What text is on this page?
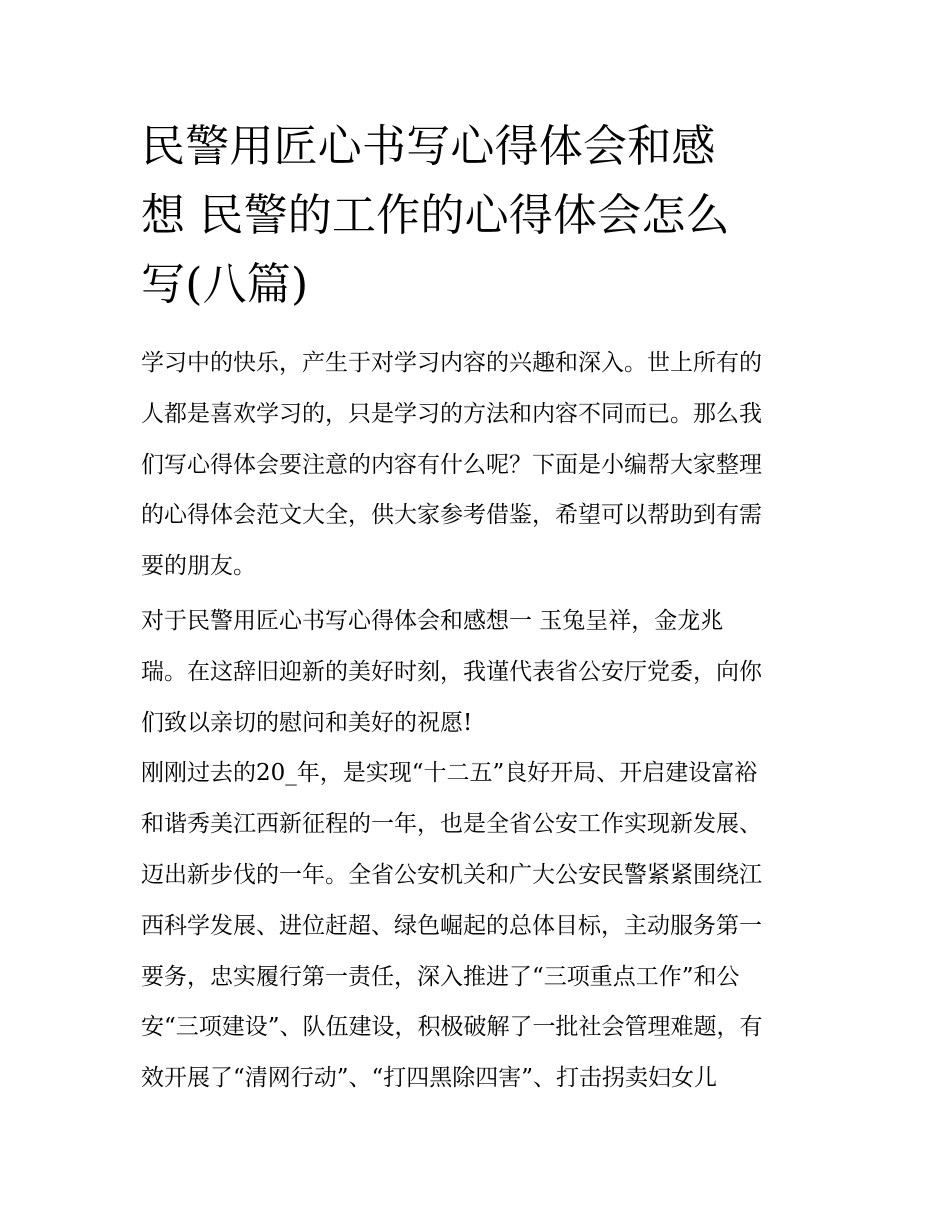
民警用匠心书写心得体会和感
想 民警的工作的心得体会怎么
写(八篇)

学习中的快乐，产生于对学习内容的兴趣和深入。世上所有的
人都是喜欢学习的，只是学习的方法和内容不同而已。那么我
们写心得体会要注意的内容有什么呢？下面是小编帮大家整理
的心得体会范文大全，供大家参考借鉴，希望可以帮助到有需
要的朋友。

对于民警用匠心书写心得体会和感想一 玉兔呈祥，金龙兆
瑞。在这辞旧迎新的美好时刻，我谨代表省公安厅党委，向你
们致以亲切的慰问和美好的祝愿!

刚刚过去的20_年，是实现“十二五”良好开局、开启建设富裕
和谐秀美江西新征程的一年，也是全省公安工作实现新发展、
迈出新步伐的一年。全省公安机关和广大公安民警紧紧围绕江
西科学发展、进位赶超、绿色崛起的总体目标，主动服务第一
要务，忠实履行第一责任，深入推进了“三项重点工作”和公
安“三项建设”、队伍建设，积极破解了一批社会管理难题，有
效开展了“清网行动”、“打四黑除四害”、打击拐卖妇女儿
